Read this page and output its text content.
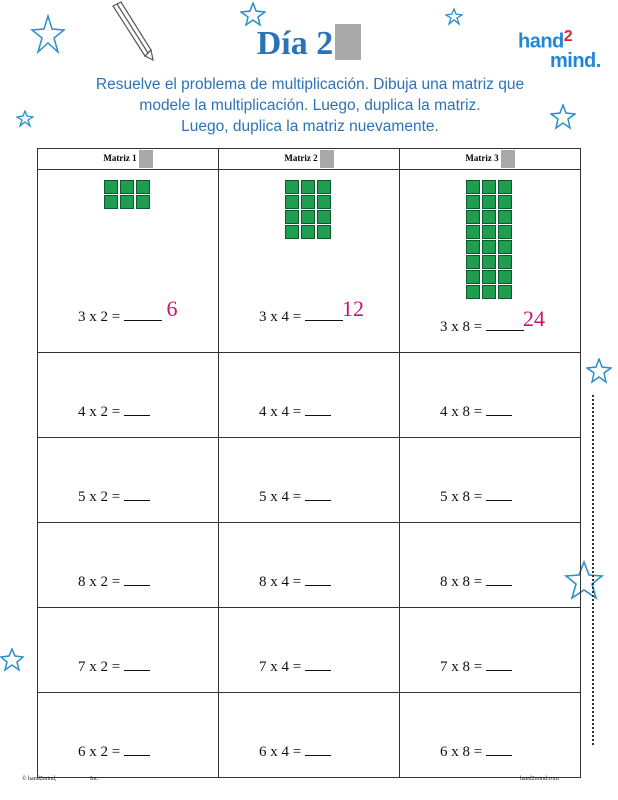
Día 2	hand2
mind.
Resuelve el problema de multiplicación. Dibuja una matriz que
modele la multiplicación. Luego, duplica la matriz.
Luego, duplica la matriz nuevamente.
Matriz 1	Matriz 2	Matriz 3

3 x 2 = 6	3 x 4 = 12	3 x 8 = 24

4 x 2 =	4 x 4 =	4 x 8 =

5 x 2 =	5 x 4 =	5 x 8 =

8 x 2 =	8 x 4 =	8 x 8 =

7 x 2 =	7 x 4 =	7 x 8 =

6 x 2 =	6 x 4 =	6 x 8 =
© hand2mind,	Inc.	hand2mind.com
